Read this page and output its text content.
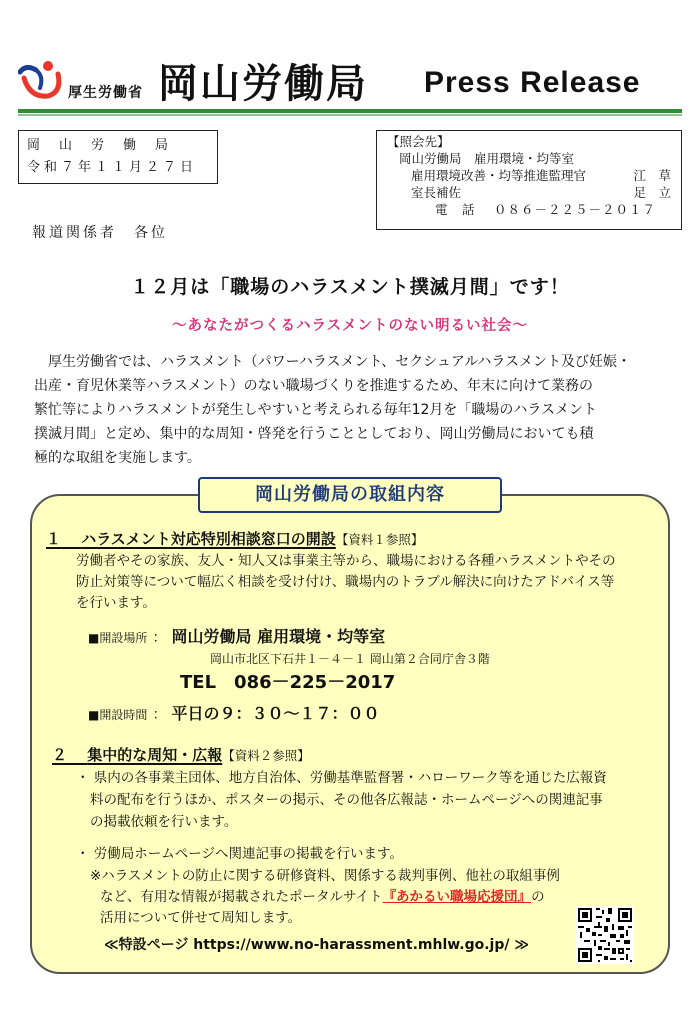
厚生労働省 岡山労働局 Press Release
岡山労働局
令和７年１１月２７日
【照会先】
岡山労働局　雇用環境・均等室
雇用環境改善・均等推進監理官	江　草
室長補佐	足　立
電　話　 ０８６－２２５－２０１７
報道関係者　各位
１２月は「職場のハラスメント撲滅月間」です！
～あなたがつくるハラスメントのない明るい社会～
厚生労働省では、ハラスメント（パワーハラスメント、セクシュアルハラスメント及び妊娠・
出産・育児休業等ハラスメント）のない職場づくりを推進するため、年末に向けて業務の
繁忙等によりハラスメントが発生しやすいと考えられる毎年12月を「職場のハラスメント
撲滅月間」と定め、集中的な周知・啓発を行うこととしており、岡山労働局においても積
極的な取組を実施します。
岡山労働局の取組内容
１　 ハラスメント対応特別相談窓口の開設【資料１参照】
労働者やその家族、友人・知人又は事業主等から、職場における各種ハラスメントやその
防止対策等について幅広く相談を受け付け、職場内のトラブル解決に向けたアドバイス等
を行います。
■開設場所 ： 岡山労働局 雇用環境・均等室
岡山市北区下石井１－４－１ 岡山第２合同庁舎３階
TEL　086－225－2017
■開設時間 ： 平日の９：３０～１７：００
２　 集中的な周知・広報【資料２参照】
・ 県内の各事業主団体、地方自治体、労働基準監督署・ハローワーク等を通じた広報資
料の配布を行うほか、ポスターの掲示、その他各広報誌・ホームページへの関連記事
の掲載依頼を行います。
・ 労働局ホームページへ関連記事の掲載を行います。
※ハラスメントの防止に関する研修資料、関係する裁判事例、他社の取組事例
など、有用な情報が掲載されたポータルサイト『あかるい職場応援団』の
活用について併せて周知します。
≪特設ページ https://www.no-harassment.mhlw.go.jp/ ≫
